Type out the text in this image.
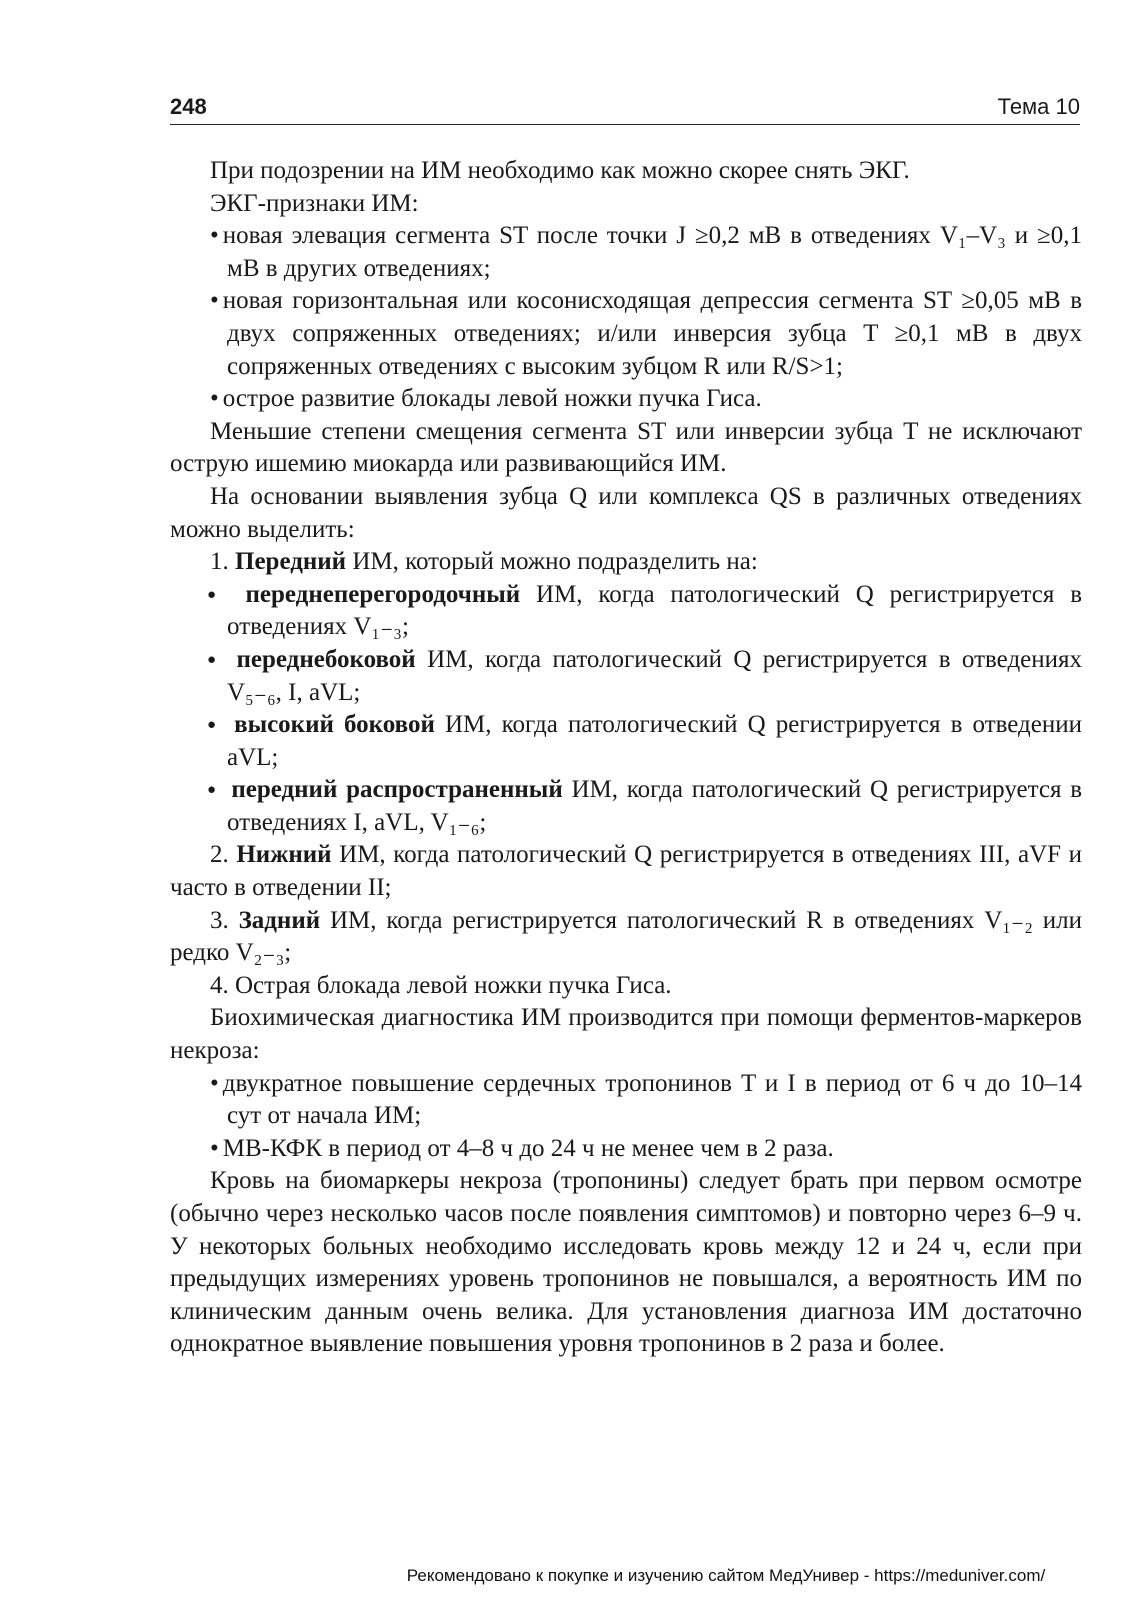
248	Тема 10

При подозрении на ИМ необходимо как можно скорее снять ЭКГ.

ЭКГ-признаки ИМ:

• новая элевация сегмента ST после точки J ≥0,2 мВ в отведениях V₁–V₃ и ≥0,1 мВ в других отведениях;

• новая горизонтальная или косонисходящая депрессия сегмента ST ≥0,05 мВ в двух сопряженных отведениях; и/или инверсия зубца T ≥0,1 мВ в двух сопряженных отведениях с высоким зубцом R или R/S>1;

• острое развитие блокады левой ножки пучка Гиса.

Меньшие степени смещения сегмента ST или инверсии зубца T не исключают острую ишемию миокарда или развивающийся ИМ.

На основании выявления зубца Q или комплекса QS в различных отведениях можно выделить:

1. Передний ИМ, который можно подразделить на:

● переднеперегородочный ИМ, когда патологический Q регистрируется в отведениях V₁₋₃;

● переднебоковой ИМ, когда патологический Q регистрируется в отведениях V₅₋₆, I, aVL;

● высокий боковой ИМ, когда патологический Q регистрируется в отведении aVL;

● передний распространенный ИМ, когда патологический Q регистрируется в отведениях I, aVL, V₁₋₆;

2. Нижний ИМ, когда патологический Q регистрируется в отведениях III, aVF и часто в отведении II;

3. Задний ИМ, когда регистрируется патологический R в отведениях V₁₋₂ или редко V₂₋₃;

4. Острая блокада левой ножки пучка Гиса.

Биохимическая диагностика ИМ производится при помощи ферментов-маркеров некроза:

• двукратное повышение сердечных тропонинов T и I в период от 6 ч до 10–14 сут от начала ИМ;

• МВ-КФК в период от 4–8 ч до 24 ч не менее чем в 2 раза.

Кровь на биомаркеры некроза (тропонины) следует брать при первом осмотре (обычно через несколько часов после появления симптомов) и повторно через 6–9 ч. У некоторых больных необходимо исследовать кровь между 12 и 24 ч, если при предыдущих измерениях уровень тропонинов не повышался, а вероятность ИМ по клиническим данным очень велика. Для установления диагноза ИМ достаточно однократное выявление повышения уровня тропонинов в 2 раза и более.

Рекомендовано к покупке и изучению сайтом МедУнивер - https://meduniver.com/
